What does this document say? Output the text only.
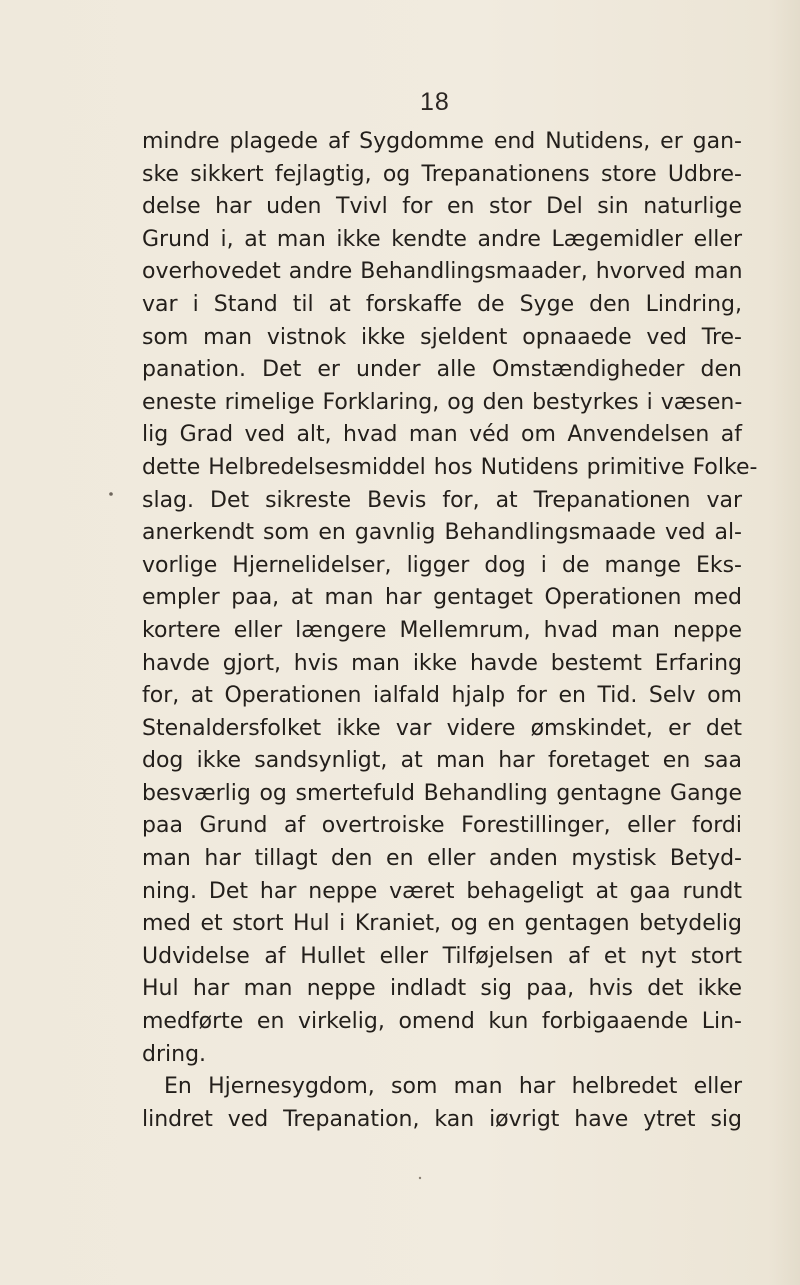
18
mindre plagede af Sygdomme end Nutidens, er gan-
ske sikkert fejlagtig, og Trepanationens store Udbre-
delse har uden Tvivl for en stor Del sin naturlige
Grund i, at man ikke kendte andre Lægemidler eller
overhovedet andre Behandlingsmaader, hvorved man
var i Stand til at forskaffe de Syge den Lindring,
som man vistnok ikke sjeldent opnaaede ved Tre-
panation. Det er under alle Omstændigheder den
eneste rimelige Forklaring, og den bestyrkes i væsen-
lig Grad ved alt, hvad man véd om Anvendelsen af
dette Helbredelsesmiddel hos Nutidens primitive Folke-
slag. Det sikreste Bevis for, at Trepanationen var
anerkendt som en gavnlig Behandlingsmaade ved al-
vorlige Hjernelidelser, ligger dog i de mange Eks-
empler paa, at man har gentaget Operationen med
kortere eller længere Mellemrum, hvad man neppe
havde gjort, hvis man ikke havde bestemt Erfaring
for, at Operationen ialfald hjalp for en Tid. Selv om
Stenaldersfolket ikke var videre ømskindet, er det
dog ikke sandsynligt, at man har foretaget en saa
besværlig og smertefuld Behandling gentagne Gange
paa Grund af overtroiske Forestillinger, eller fordi
man har tillagt den en eller anden mystisk Betyd-
ning. Det har neppe været behageligt at gaa rundt
med et stort Hul i Kraniet, og en gentagen betydelig
Udvidelse af Hullet eller Tilføjelsen af et nyt stort
Hul har man neppe indladt sig paa, hvis det ikke
medførte en virkelig, omend kun forbigaaende Lin-
dring.
En Hjernesygdom, som man har helbredet eller
lindret ved Trepanation, kan iøvrigt have ytret sig
